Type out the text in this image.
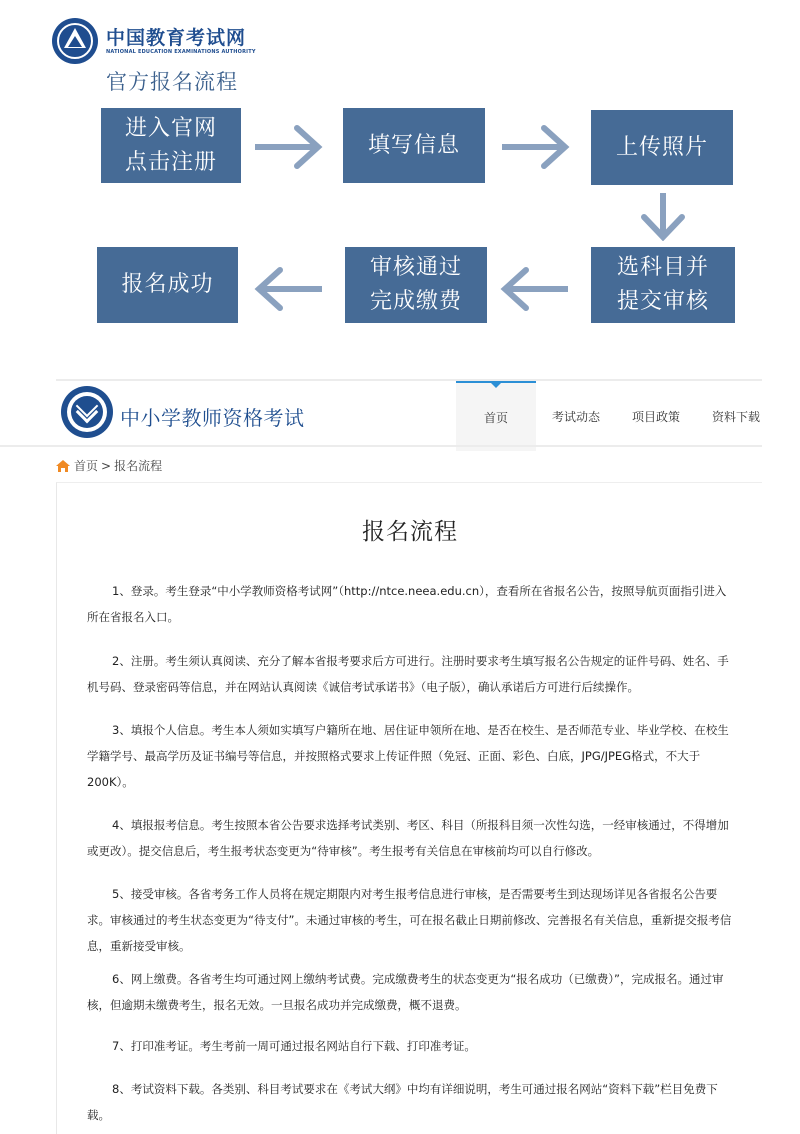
中国教育考试网
NATIONAL EDUCATION EXAMINATIONS AUTHORITY
官方报名流程
进入官网
点击注册
填写信息	上传照片
报名成功
审核通过
完成缴费
选科目并
提交审核
中小学教师资格考试	首页	考试动态	项目政策	资料下载
首页 > 报名流程
报名流程

1、登录。考生登录“中小学教师资格考试网”（http://ntce.neea.edu.cn），查看所在省报名公告，按照导航页面指引进入所在省报名入口。

2、注册。考生须认真阅读、充分了解本省报考要求后方可进行。注册时要求考生填写报名公告规定的证件号码、姓名、手机号码、登录密码等信息，并在网站认真阅读《诚信考试承诺书》（电子版），确认承诺后方可进行后续操作。

3、填报个人信息。考生本人须如实填写户籍所在地、居住证申领所在地、是否在校生、是否师范专业、毕业学校、在校生学籍学号、最高学历及证书编号等信息，并按照格式要求上传证件照（免冠、正面、彩色、白底，JPG/JPEG格式，不大于200K）。

4、填报报考信息。考生按照本省公告要求选择考试类别、考区、科目（所报科目须一次性勾选，一经审核通过，不得增加或更改）。提交信息后，考生报考状态变更为“待审核”。考生报考有关信息在审核前均可以自行修改。

5、接受审核。各省考务工作人员将在规定期限内对考生报考信息进行审核，是否需要考生到达现场详见各省报名公告要求。审核通过的考生状态变更为“待支付”。未通过审核的考生，可在报名截止日期前修改、完善报名有关信息，重新提交报考信息，重新接受审核。

6、网上缴费。各省考生均可通过网上缴纳考试费。完成缴费考生的状态变更为“报名成功（已缴费）”，完成报名。通过审核，但逾期未缴费考生，报名无效。一旦报名成功并完成缴费，概不退费。

7、打印准考证。考生考前一周可通过报名网站自行下载、打印准考证。

8、考试资料下载。各类别、科目考试要求在《考试大纲》中均有详细说明，考生可通过报名网站“资料下载”栏目免费下载。
